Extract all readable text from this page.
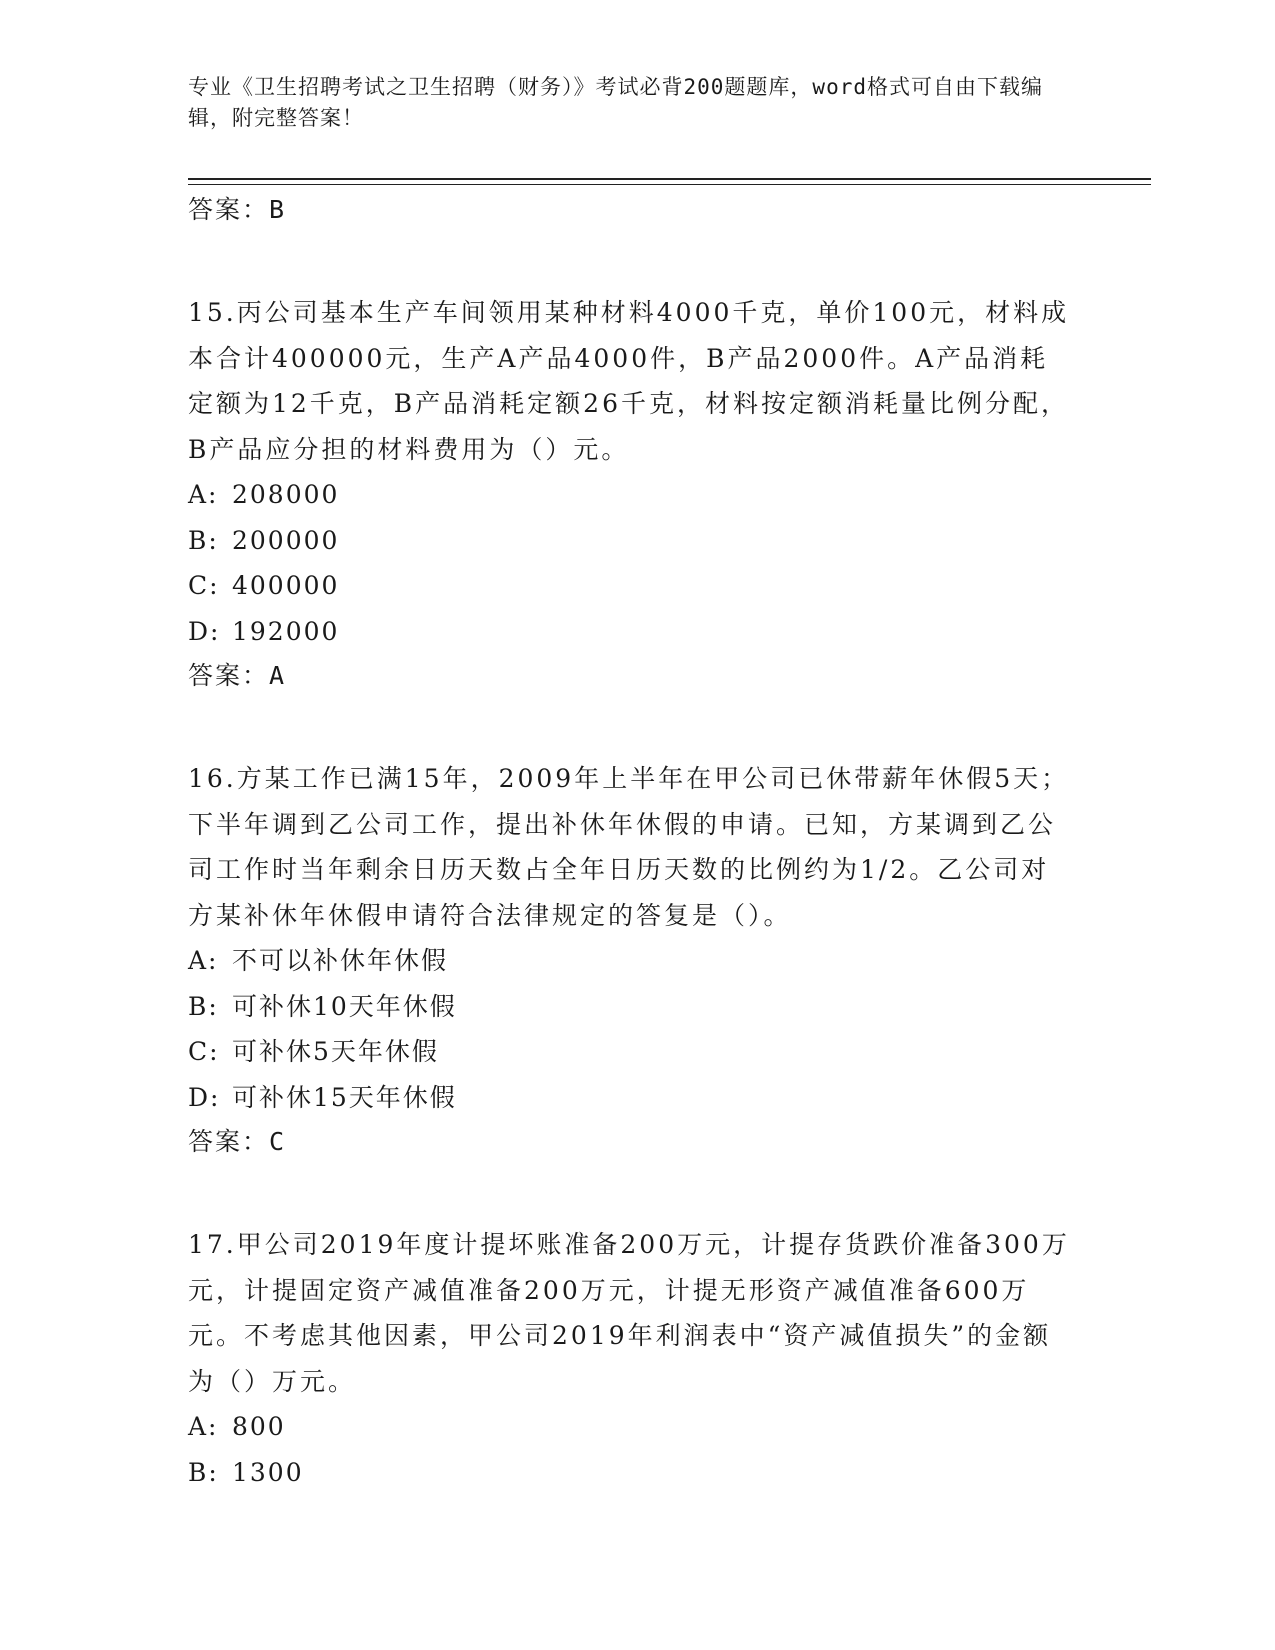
专业《卫生招聘考试之卫生招聘（财务）》考试必背200题题库，word格式可自由下载编辑，附完整答案！

答案：B

15.丙公司基本生产车间领用某种材料4000千克，单价100元，材料成本合计400000元，生产A产品4000件，B产品2000件。A产品消耗定额为12千克，B产品消耗定额26千克，材料按定额消耗量比例分配，B产品应分担的材料费用为（）元。

A: 208000

B: 200000

C: 400000

D: 192000

答案：A

16.方某工作已满15年，2009年上半年在甲公司已休带薪年休假5天；下半年调到乙公司工作，提出补休年休假的申请。已知，方某调到乙公司工作时当年剩余日历天数占全年日历天数的比例约为1/2。乙公司对方某补休年休假申请符合法律规定的答复是（）。

A: 不可以补休年休假

B: 可补休10天年休假

C: 可补休5天年休假

D: 可补休15天年休假

答案：C

17.甲公司2019年度计提坏账准备200万元，计提存货跌价准备300万元，计提固定资产减值准备200万元，计提无形资产减值准备600万元。不考虑其他因素，甲公司2019年利润表中“资产减值损失”的金额为（）万元。

A: 800

B: 1300
